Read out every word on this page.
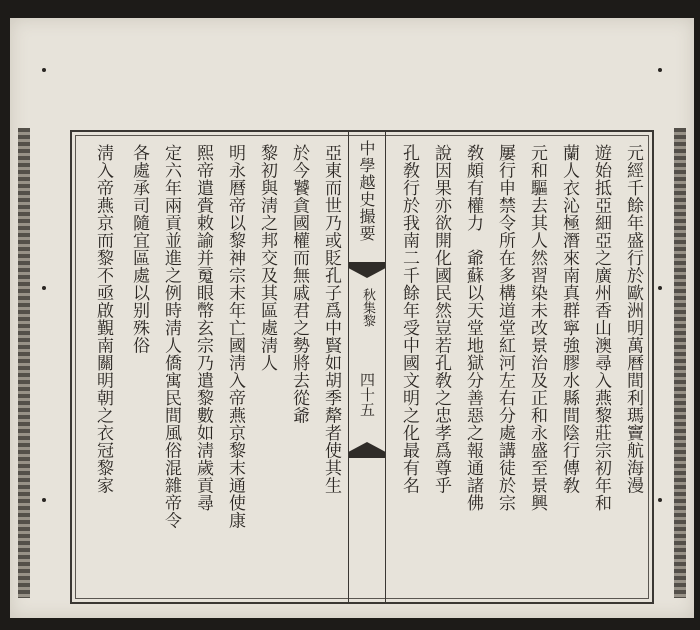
元經千餘年盛行於歐洲明萬曆間利瑪竇航海漫
遊始抵亞細亞之廣州香山澳尋入燕黎莊宗初年和
蘭人衣沁極潛來南真群寧強膠水縣間陰行傳敎
元和驅去其人然習染未改景治及正和永盛至景興
屢行申禁令所在多構道堂紅河左右分處講徒於宗
敎頗有權力　爺蘇以天堂地獄分善惡之報通諸佛
說因果亦欲開化國民然豈若孔敎之忠孝爲尊乎
孔敎行於我南二千餘年受中國文明之化最有名
中學越史撮要
秋集黎
四十五
亞東而世乃或貶孔子爲中賢如胡季犛者使其生
於今饕貪國權而無戚君之勢將去從爺
黎初與淸之邦交及其區處淸人
明永曆帝以黎神宗末年亡國淸入帝燕京黎末通使康
熙帝遣賫敕諭并䰟眼幣玄宗乃遣黎數如淸歲貢尋
定六年兩貢並進之例時淸人僑寓民間風俗混雜帝令
各處承司隨宜區處以别殊俗
淸入帝燕京而黎不亟啟覲南關明朝之衣冠黎家
